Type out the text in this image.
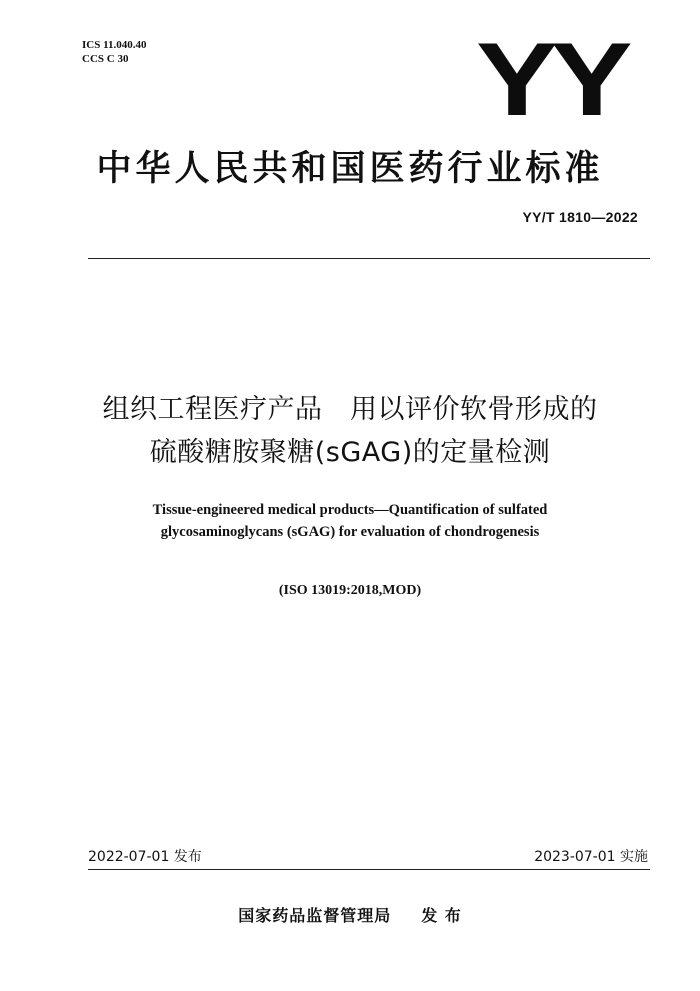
ICS 11.040.40
CCS C 30	YY
中华人民共和国医药行业标准
YY/T 1810—2022
组织工程医疗产品　用以评价软骨形成的
硫酸糖胺聚糖(sGAG)的定量检测
Tissue-engineered medical products—Quantification of sulfated
glycosaminoglycans (sGAG) for evaluation of chondrogenesis
(ISO 13019:2018,MOD)
2022-07-01 发布	2023-07-01 实施
国家药品监督管理局 发 布
